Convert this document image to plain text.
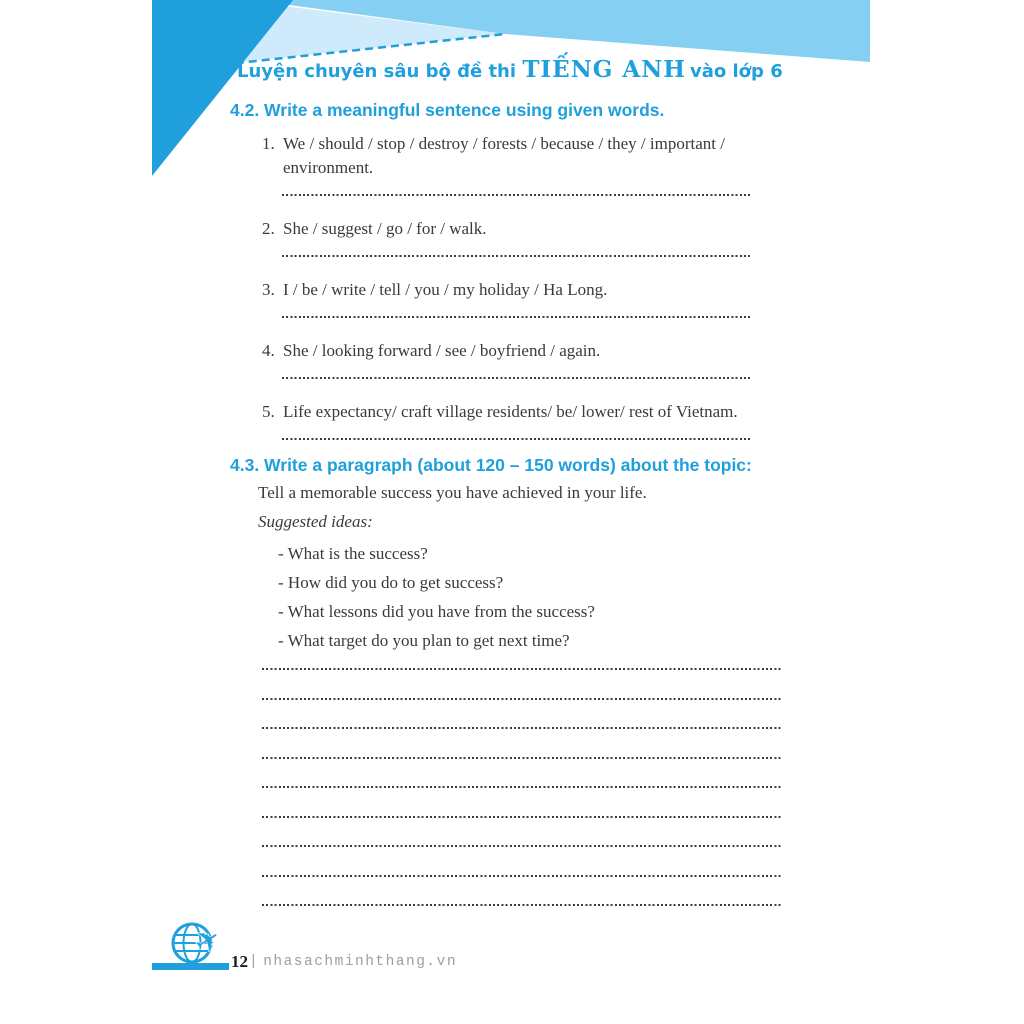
Luyện chuyên sâu bộ đề thi TIẾNG ANH vào lớp 6
4.2. Write a meaningful sentence using given words.
1. We / should / stop / destroy / forests / because / they / important / environment.
2. She / suggest / go / for / walk.
3. I / be / write / tell / you / my holiday / Ha Long.
4. She / looking forward / see / boyfriend / again.
5. Life expectancy/ craft village residents/ be/ lower/ rest of Vietnam.
4.3. Write a paragraph (about 120 – 150 words) about the topic:
Tell a memorable success you have achieved in your life.
Suggested ideas:
- What is the success?
- How did you do to get success?
- What lessons did you have from the success?
- What target do you plan to get next time?
✈ 12 | nhasachminhthang.vn
